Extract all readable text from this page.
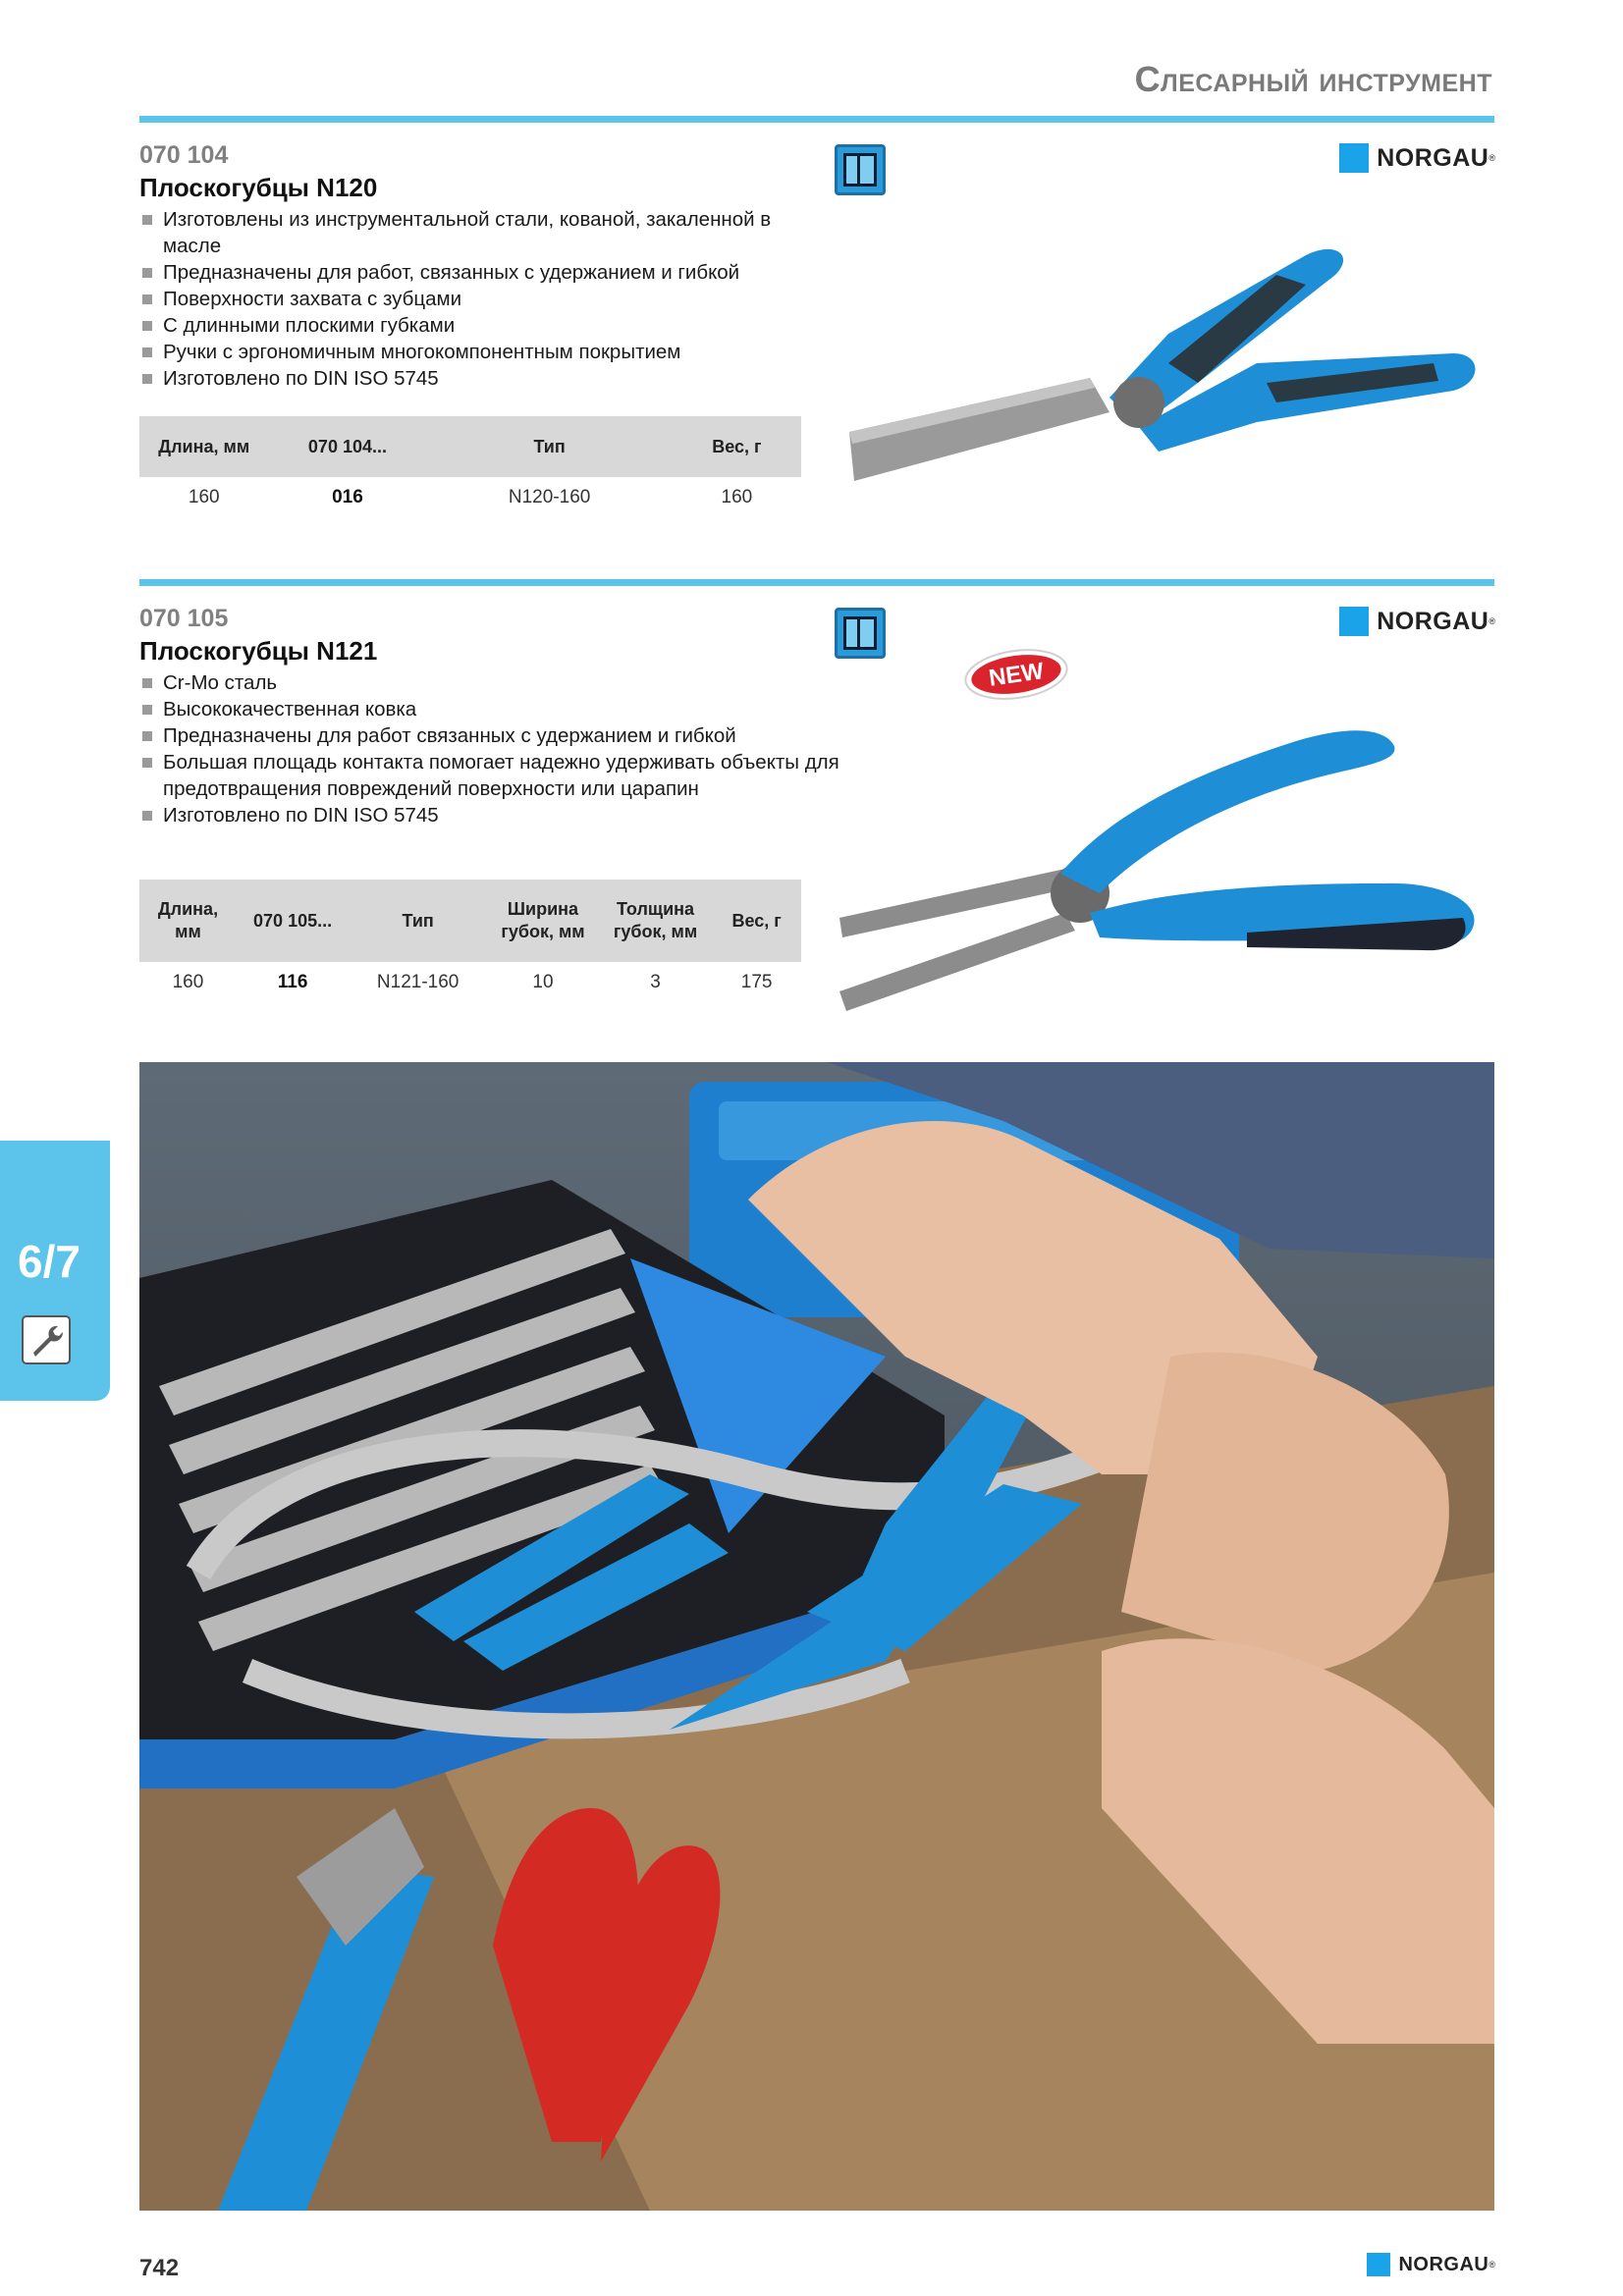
Слесарный инструмент
070 104
Плоскогубцы N120
Изготовлены из инструментальной стали, кованой, закаленной в масле
Предназначены для работ, связанных с удержанием и гибкой
Поверхности захвата с зубцами
С длинными плоскими губками
Ручки с эргономичным многокомпонентным покрытием
Изготовлено по DIN ISO 5745
Длина, мм	070 104...	Тип	Вес, г
160	016	N120-160	160
NORGAU ®
070 105
Плоскогубцы N121
Cr-Mo сталь
Высококачественная ковка
Предназначены для работ связанных с удержанием и гибкой
Большая площадь контакта помогает надежно удерживать объекты для предотвращения повреждений поверхности или царапин
Изготовлено по DIN ISO 5745
Длина, мм	070 105...	Тип	Ширина губок, мм	Толщина губок, мм	Вес, г
160	116	N121-160	10	3	175
NORGAU ®
NEW
6/7
742	NORGAU ®
